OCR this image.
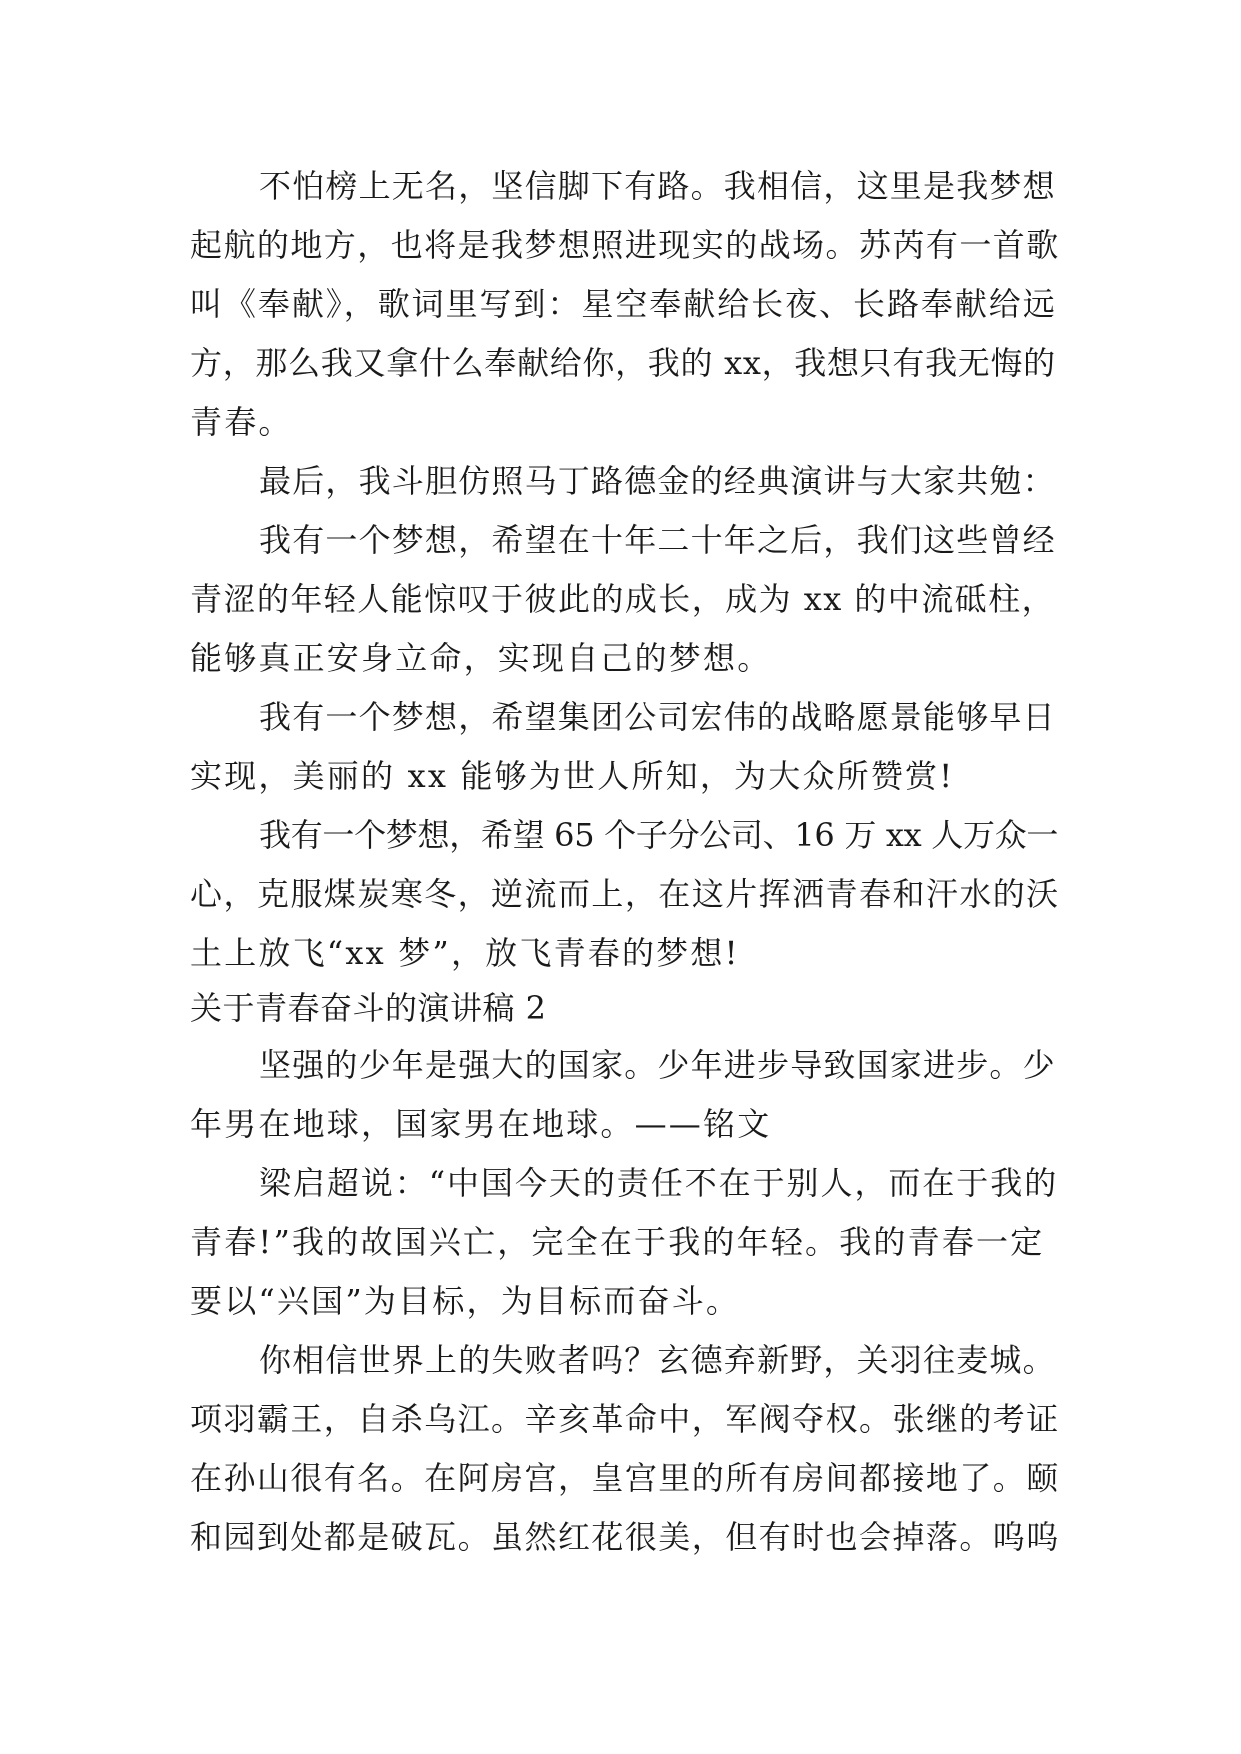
不怕榜上无名，坚信脚下有路。我相信，这里是我梦想
起航的地方，也将是我梦想照进现实的战场。苏芮有一首歌
叫《奉献》，歌词里写到：星空奉献给长夜、长路奉献给远
方，那么我又拿什么奉献给你，我的 xx，我想只有我无悔的
青春。
最后，我斗胆仿照马丁路德金的经典演讲与大家共勉：
我有一个梦想，希望在十年二十年之后，我们这些曾经
青涩的年轻人能惊叹于彼此的成长，成为 xx 的中流砥柱，
能够真正安身立命，实现自己的梦想。
我有一个梦想，希望集团公司宏伟的战略愿景能够早日
实现，美丽的 xx 能够为世人所知，为大众所赞赏!
我有一个梦想，希望 65 个子分公司、16 万 xx 人万众一
心，克服煤炭寒冬，逆流而上，在这片挥洒青春和汗水的沃
土上放飞“xx 梦”，放飞青春的梦想!
关于青春奋斗的演讲稿 2
坚强的少年是强大的国家。少年进步导致国家进步。少
年男在地球，国家男在地球。——铭文
梁启超说：“中国今天的责任不在于别人，而在于我的
青春!”我的故国兴亡，完全在于我的年轻。我的青春一定
要以“兴国”为目标，为目标而奋斗。
你相信世界上的失败者吗？玄德弃新野，关羽往麦城。
项羽霸王，自杀乌江。辛亥革命中，军阀夺权。张继的考证
在孙山很有名。在阿房宫，皇宫里的所有房间都接地了。颐
和园到处都是破瓦。虽然红花很美，但有时也会掉落。呜呜
